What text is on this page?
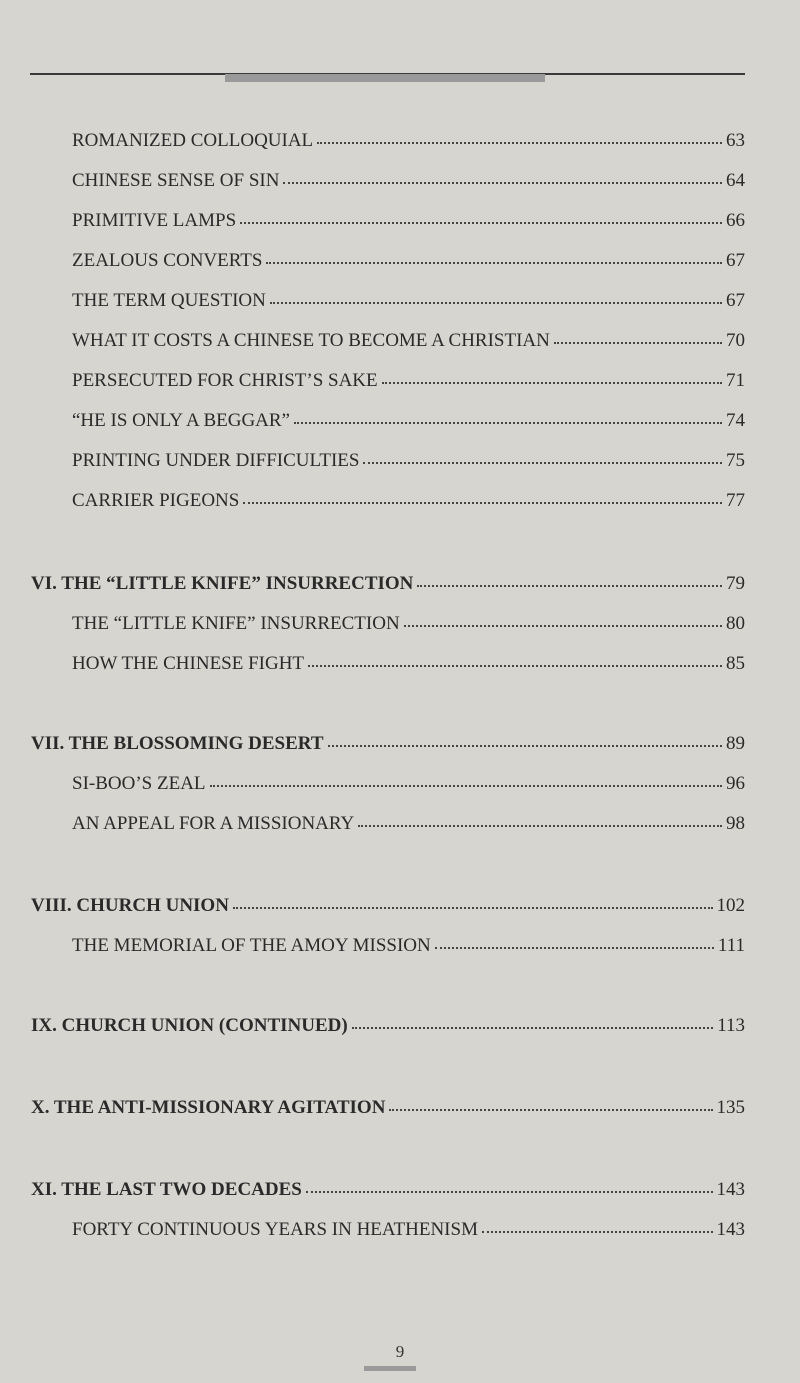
ROMANIZED COLLOQUIAL	63
CHINESE SENSE OF SIN	64
PRIMITIVE LAMPS	66
ZEALOUS CONVERTS	67
THE TERM QUESTION	67
WHAT IT COSTS A CHINESE TO BECOME A CHRISTIAN	70
PERSECUTED FOR CHRIST’S SAKE	71
“HE IS ONLY A BEGGAR”	74
PRINTING UNDER DIFFICULTIES	75
CARRIER PIGEONS	77
VI. THE “LITTLE KNIFE” INSURRECTION	79
THE “LITTLE KNIFE” INSURRECTION	80
HOW THE CHINESE FIGHT	85
VII. THE BLOSSOMING DESERT	89
SI-BOO’S ZEAL	96
AN APPEAL FOR A MISSIONARY	98
VIII. CHURCH UNION	102
THE MEMORIAL OF THE AMOY MISSION	111
IX. CHURCH UNION (CONTINUED)	113
X. THE ANTI-MISSIONARY AGITATION	135
XI. THE LAST TWO DECADES	143
FORTY CONTINUOUS YEARS IN HEATHENISM	143
9
